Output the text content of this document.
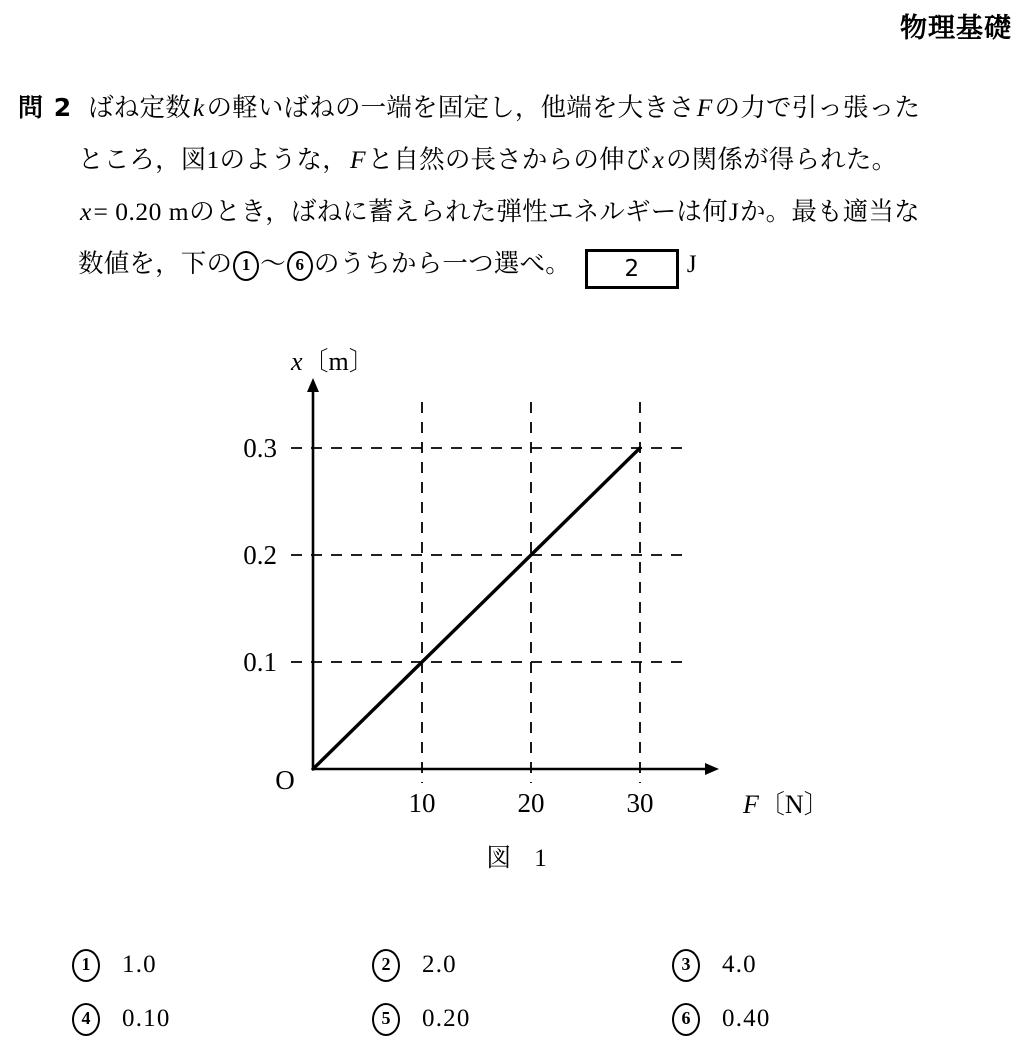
物理基礎
問 2 ばね定数kの軽いばねの一端を固定し，他端を大きさFの力で引っ張った
ところ，図1のような，Fと自然の長さからの伸びxの関係が得られた。
x= 0.20 mのとき，ばねに蓄えられた弾性エネルギーは何Jか。最も適当な
数値を，下の 1 ～ 6 のうちから一つ選べ。 2 J
0.1
0.2
0.3
10	20	30
O
x〔m〕
F〔N〕
図 1
1	1.0	2	2.0	3	4.0
4	0.10	5	0.20	6	0.40
